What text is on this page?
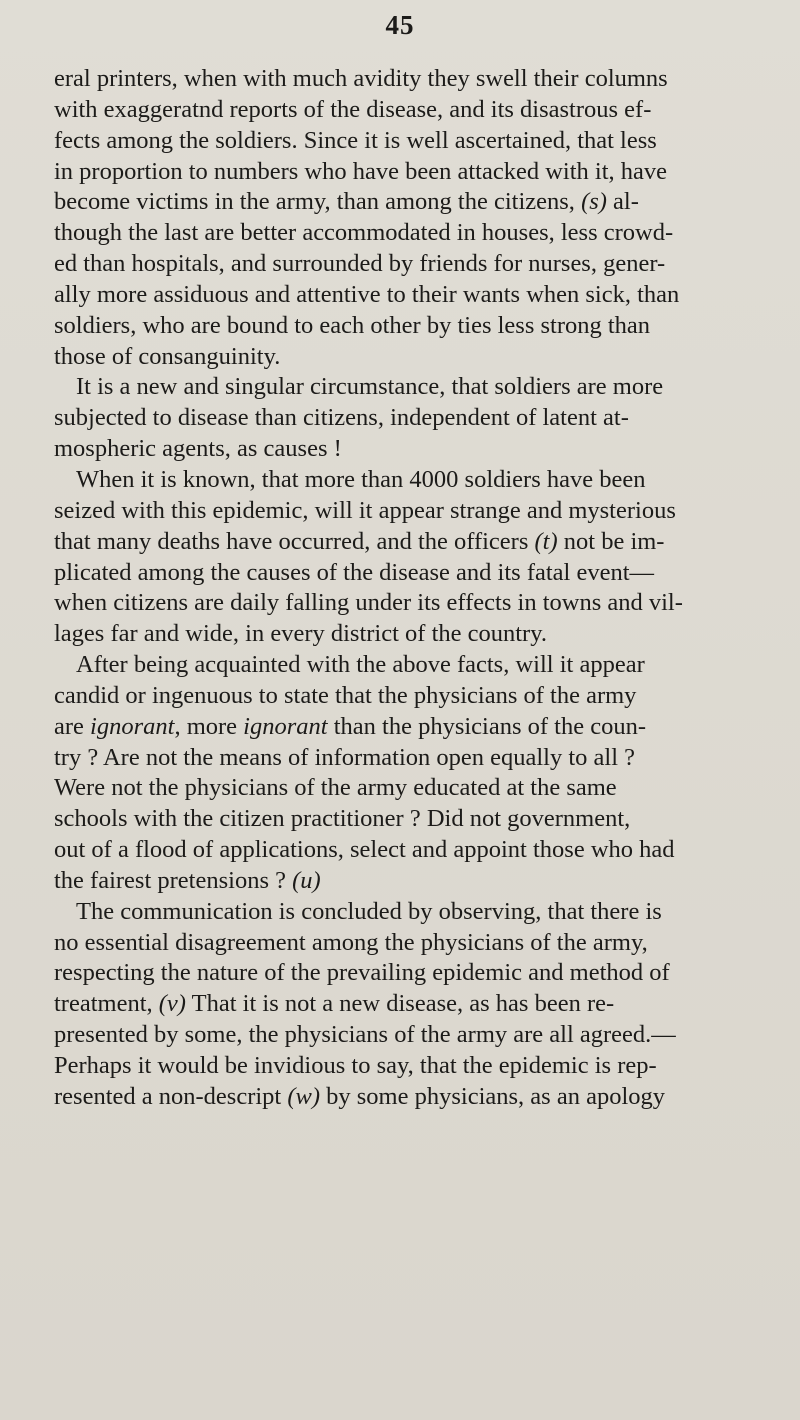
45
eral printers, when with much avidity they swell their columns
with exaggeratnd reports of the disease, and its disastrous ef-
fects among the soldiers. Since it is well ascertained, that less
in proportion to numbers who have been attacked with it, have
become victims in the army, than among the citizens, (s) al-
though the last are better accommodated in houses, less crowd-
ed than hospitals, and surrounded by friends for nurses, gener-
ally more assiduous and attentive to their wants when sick, than
soldiers, who are bound to each other by ties less strong than
those of consanguinity.
It is a new and singular circumstance, that soldiers are more
subjected to disease than citizens, independent of latent at-
mospheric agents, as causes !
When it is known, that more than 4000 soldiers have been
seized with this epidemic, will it appear strange and mysterious
that many deaths have occurred, and the officers (t) not be im-
plicated among the causes of the disease and its fatal event—
when citizens are daily falling under its effects in towns and vil-
lages far and wide, in every district of the country.
After being acquainted with the above facts, will it appear
candid or ingenuous to state that the physicians of the army
are ignorant, more ignorant than the physicians of the coun-
try ? Are not the means of information open equally to all ?
Were not the physicians of the army educated at the same
schools with the citizen practitioner ? Did not government,
out of a flood of applications, select and appoint those who had
the fairest pretensions ? (u)
The communication is concluded by observing, that there is
no essential disagreement among the physicians of the army,
respecting the nature of the prevailing epidemic and method of
treatment, (v) That it is not a new disease, as has been re-
presented by some, the physicians of the army are all agreed.—
Perhaps it would be invidious to say, that the epidemic is rep-
resented a non-descript (w) by some physicians, as an apology
